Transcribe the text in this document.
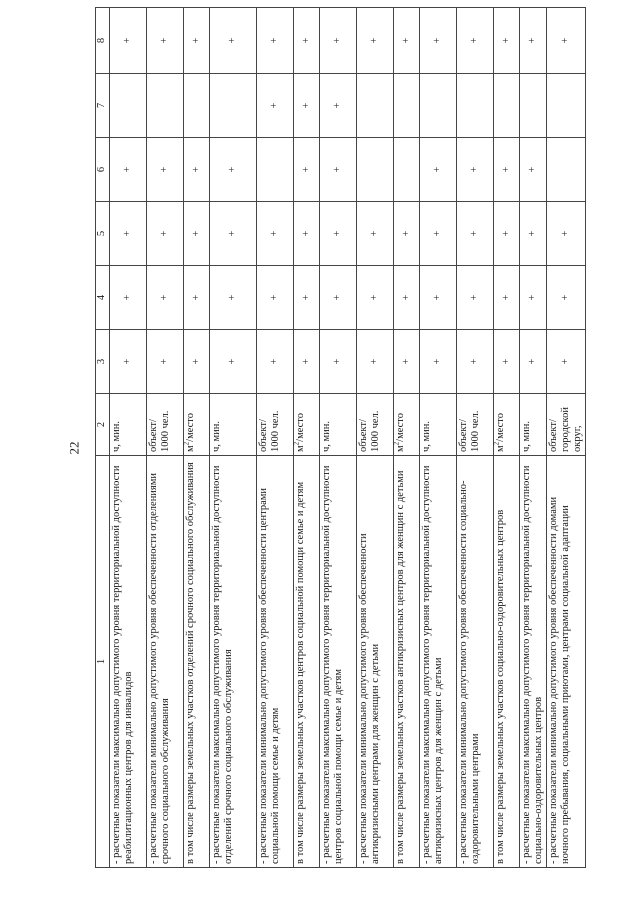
22
1	2	3	4	5	6	7	8
- расчетные показатели максимально допустимого уровня территориальной доступности реабилитационных центров для инвалидов	ч, мин.	+	+	+	+		+
- расчетные показатели минимально допустимого уровня обеспеченности отделениями срочного социального обслуживания	объект/ 1000 чел.	+	+	+	+		+
в том числе размеры земельных участков отделений срочного социального обслуживания	$м^2$/место	+	+	+	+		+
- расчетные показатели максимально допустимого уровня территориальной доступности отделений срочного социального обслуживания	ч, мин.	+	+	+	+		+
- расчетные показатели минимально допустимого уровня обеспеченности центрами социальной помощи семье и детям	объект/ 1000 чел.	+	+	+		+	+
в том числе размеры земельных участков центров социальной помощи семье и детям	$м^2$/место	+	+	+	+	+	+
- расчетные показатели максимально допустимого уровня территориальной доступности центров социальной помощи семье и детям	ч, мин.	+	+	+	+	+	+
- расчетные показатели минимально допустимого уровня обеспеченности антикризисными центрами для женщин с детьми	объект/ 1000 чел.	+	+	+			+
в том числе размеры земельных участков антикризисных центров для женщин с детьми	$м^2$/место	+	+	+			+
- расчетные показатели максимально допустимого уровня территориальной доступности антикризисных центров для женщин с детьми	ч, мин.	+	+	+	+		+
- расчетные показатели минимально допустимого уровня обеспеченности социально-оздоровительными центрами	объект/ 1000 чел.	+	+	+	+		+
в том числе размеры земельных участков социально-оздоровительных центров	$м^2$/место	+	+	+	+		+
- расчетные показатели максимально допустимого уровня территориальной доступности социально-оздоровительных центров	ч, мин.	+	+	+	+		+
- расчетные показатели минимально допустимого уровня обеспеченности домами ночного пребывания, социальными приютами, центрами социальной адаптации	объект/ городской округ,	+	+	+			+
